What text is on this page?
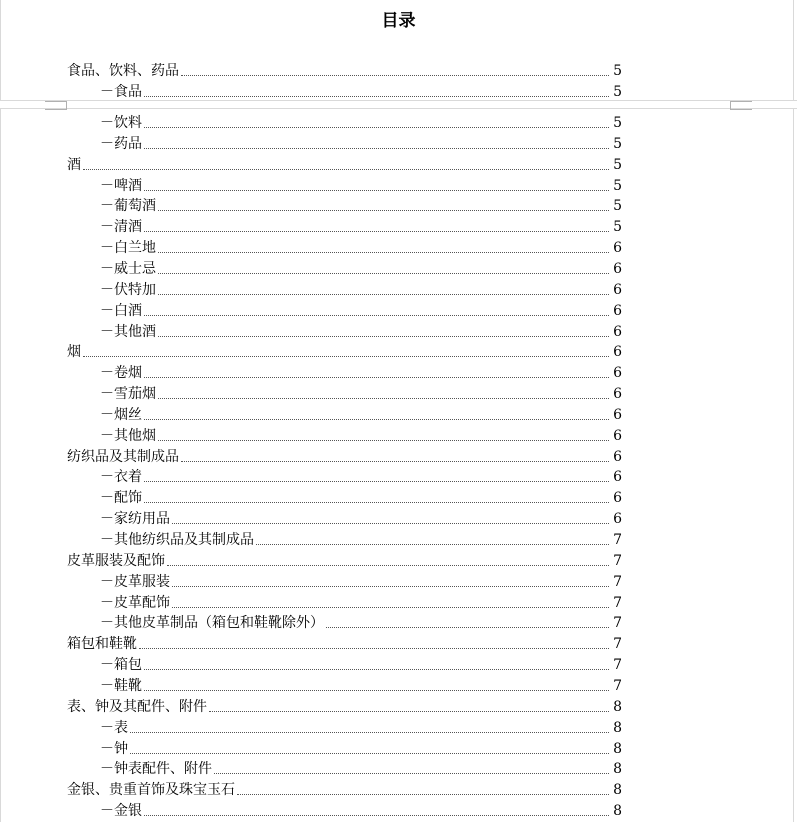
目录
食品、饮料、药品	5
－食品	5
－饮料	5
－药品	5
酒	5
－啤酒	5
－葡萄酒	5
－清酒	5
－白兰地	6
－威士忌	6
－伏特加	6
－白酒	6
－其他酒	6
烟	6
－卷烟	6
－雪茄烟	6
－烟丝	6
－其他烟	6
纺织品及其制成品	6
－衣着	6
－配饰	6
－家纺用品	6
－其他纺织品及其制成品	7
皮革服装及配饰	7
－皮革服装	7
－皮革配饰	7
－其他皮革制品（箱包和鞋靴除外）	7
箱包和鞋靴	7
－箱包	7
－鞋靴	7
表、钟及其配件、附件	8
－表	8
－钟	8
－钟表配件、附件	8
金银、贵重首饰及珠宝玉石	8
－金银	8
